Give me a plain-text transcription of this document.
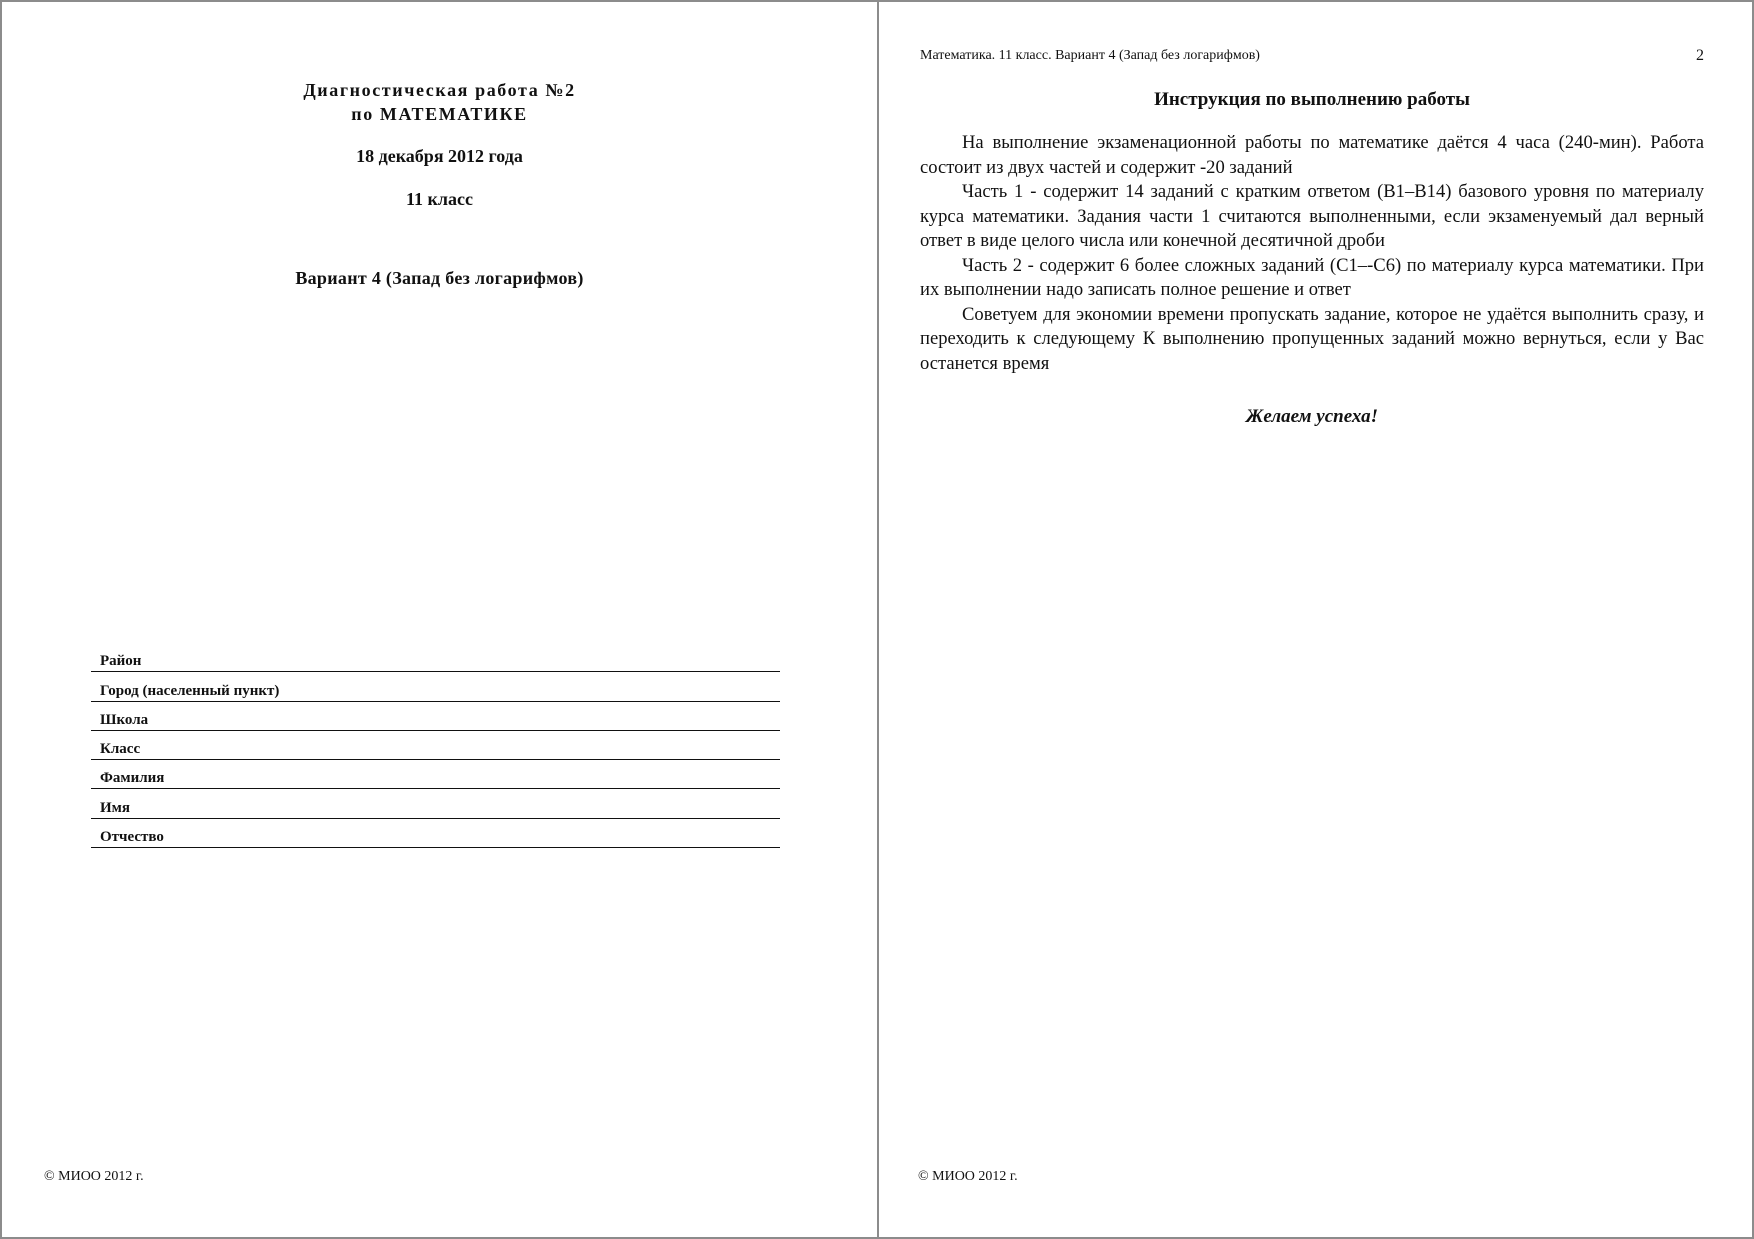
Диагностическая работа №2

по МАТЕМАТИКЕ

18 декабря 2012 года

11 класс

Вариант 4 (Запад без логарифмов)

Район
Город (населенный пункт)
Школа
Класс
Фамилия
Имя
Отчество
© МИОО 2012 г.
Математика. 11 класс. Вариант 4 (Запад без логарифмов)	2
Инструкция по выполнению работы

На выполнение экзаменационной работы по математике даётся 4 часа (240-мин). Работа состоит из двух частей и содержит ‐20 заданий

Часть 1 ‐ содержит 14 заданий с кратким ответом (В1–В14) базового уровня по материалу курса математики. Задания части 1 считаются выполненными, если экзаменуемый дал верный ответ в виде целого числа или конечной десятичной дроби

Часть 2 ‐ содержит 6 более сложных заданий (С1–‐С6) по материалу курса математики. При их выполнении надо записать полное решение и ответ

Советуем для экономии времени пропускать задание, которое не удаётся выполнить сразу, и переходить к следующему К выполнению пропущенных заданий можно вернуться, если у Вас останется время

Желаем успеха!

© МИОО 2012 г.
